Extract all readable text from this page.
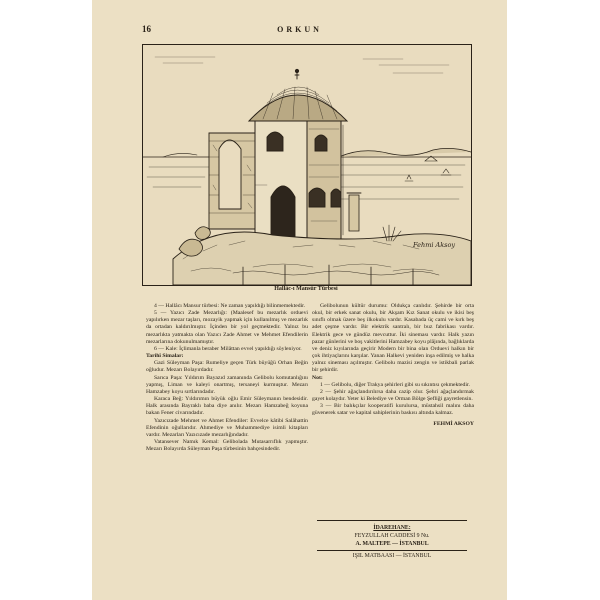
16	ORKUN
Fehmi Aksoy
Hallâc-ı Mansûr Türbesi

4 — Hallâcı Mansur türbesi: Ne zaman yapıldığı bilinmemektedir.

5 — Yazıcı Zade Mezarlığı: (Maalesef bu mezarlık orduevi yapılırken mezar taşları, mozayik yapmak için kullanılmış ve mezarlık da ortadan kaldırılmıştır. İçinden bir yol geçmektedir. Yalnız bu mezarlıkta yatmakta olan Yazıcı Zade Ahmet ve Mehmet Efendilerin mezarlarına dokunulmamıştır.

6 — Kale: İçlimanla beraber Milâttan evvel yapıldığı söyleniyor.

Tarihî Simalar:

Gazi Süleyman Paşa: Rumeliye geçen Türk büyüğü Orhan Beğin oğludur. Mezarı Bolayırdadır.

Sarıca Paşa: Yıldırım Bayazıd zamanında Gelibolu komutanlığını yapmış, Liman ve kaleyi onartmış, tersaneyi kurmuştur. Mezarı Hamzabey koyu sırtlarındadır.

Karaca Beğ: Yıldırımın büyük oğlu Emir Süleymanın bendesidir. Halk arasında Bayraklı baba diye anılır. Mezarı Hamzabeğ koyuna bakan Fener civarındadır.

Yazıcızade Mehmet ve Ahmet Efendiler: Evvelce kâtibi Salâhattin Efendinin oğullarıdır. Ahmediye ve Muhammediye isimli kitapları vardır. Mezarları Yazıcızade mezarlığındadır.

Vatansever Namık Kemal: Gelibolada Mutasarrıflık yapmıştır. Mezarı Bolayırda Süleyman Paşa türbesinin bahçesindedir.

Gelibolunun kültür durumu: Oldukça canlıdır. Şehirde bir orta okul, bir erkek sanat okulu, bir Akşam Kız Sanat okulu ve ikisi beş sınıflı olmak üzere beş ilkokulu vardır. Kasabada üç cami ve kırk beş adet çeşme vardır. Bir elektrik santralı, bir buz fabrikası vardır. Elektrik gece ve gündüz mevcuttur. İki sineması vardır. Halk yazın pazar günlerini ve boş vakitlerini Hamzabey koyu plâjında, bağlıklarda ve deniz kıyılarında geçirir Modern bir bina olan Orduevi halkın bir çok ihtiyaçlarını karşılar. Yanan Halkevi yeniden inşa edilmiş ve halka yalnız sineması açılmıştır. Gelibolu mazisi zengin ve istikbali parlak bir şehirdir.

Not:

1 — Gelibolu, diğer Trakya şehirleri gibi su sıkıntısı çekmektedir.

2 — Şehir ağaçlandırılırsa daha cazip olur. Şehri ağaçlandırmak gayet kolaydır. Yeter ki Belediye ve Orman Bölge Şefliği gayretlensin.

3 — Bir balıkçılar kooperatifi kurulursa, müstahsil malını daha güvenerek satar ve kapital sahiplerinin baskısı altında kalmaz.

FEHMİ AKSOY

İDAREHANE:
FEYZULLAH CADDESİ 9 Nu.
A. MALTEPE — İSTANBUL
IŞIL MATBAASI — İSTANBUL
